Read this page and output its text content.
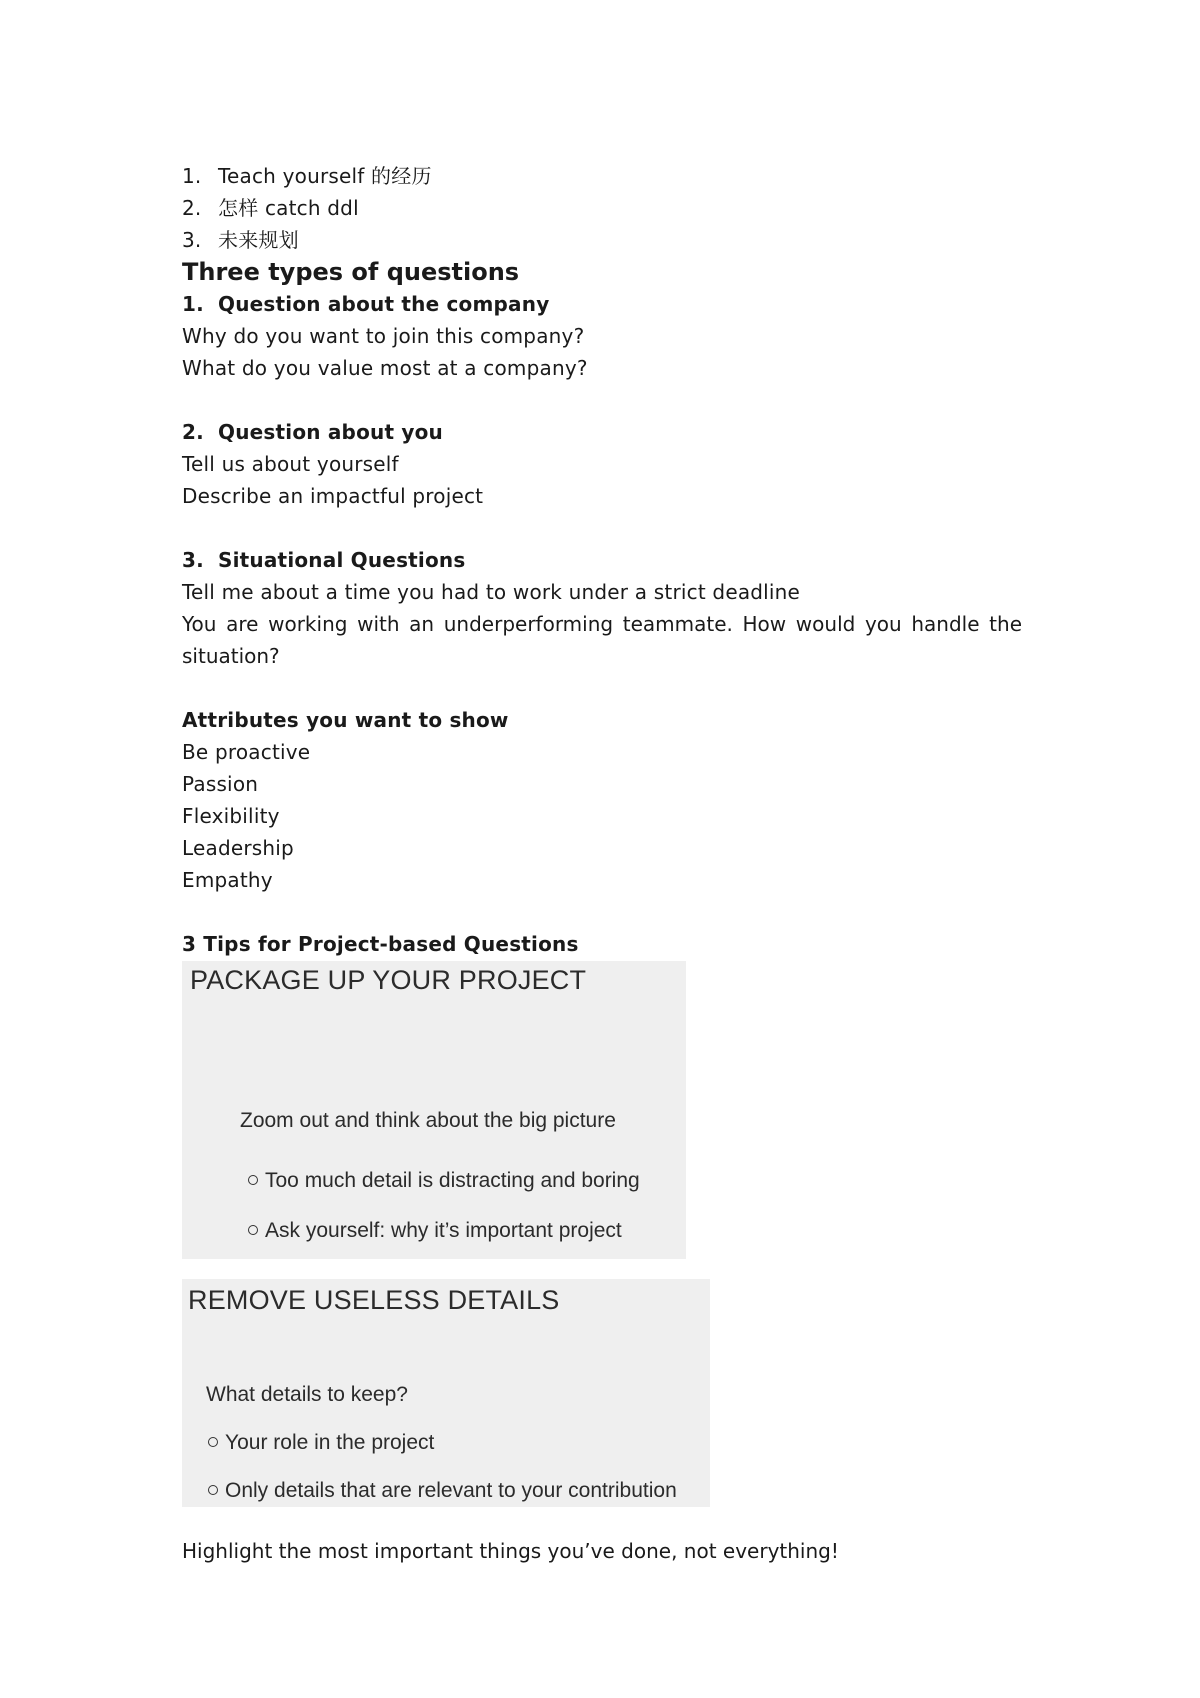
1. Teach yourself 的经历
2. 怎样 catch ddl
3. 未来规划
Three types of questions
1. Question about the company
Why do you want to join this company?
What do you value most at a company?
2. Question about you
Tell us about yourself
Describe an impactful project
3. Situational Questions
Tell me about a time you had to work under a strict deadline
You are working with an underperforming teammate. How would you handle the situation?
Attributes you want to show
Be proactive
Passion
Flexibility
Leadership
Empathy
3 Tips for Project-based Questions
PACKAGE UP YOUR PROJECT
Zoom out and think about the big picture
Too much detail is distracting and boring
Ask yourself: why it’s important project
REMOVE USELESS DETAILS
What details to keep?
Your role in the project
Only details that are relevant to your contribution
Highlight the most important things you’ve done, not everything!
